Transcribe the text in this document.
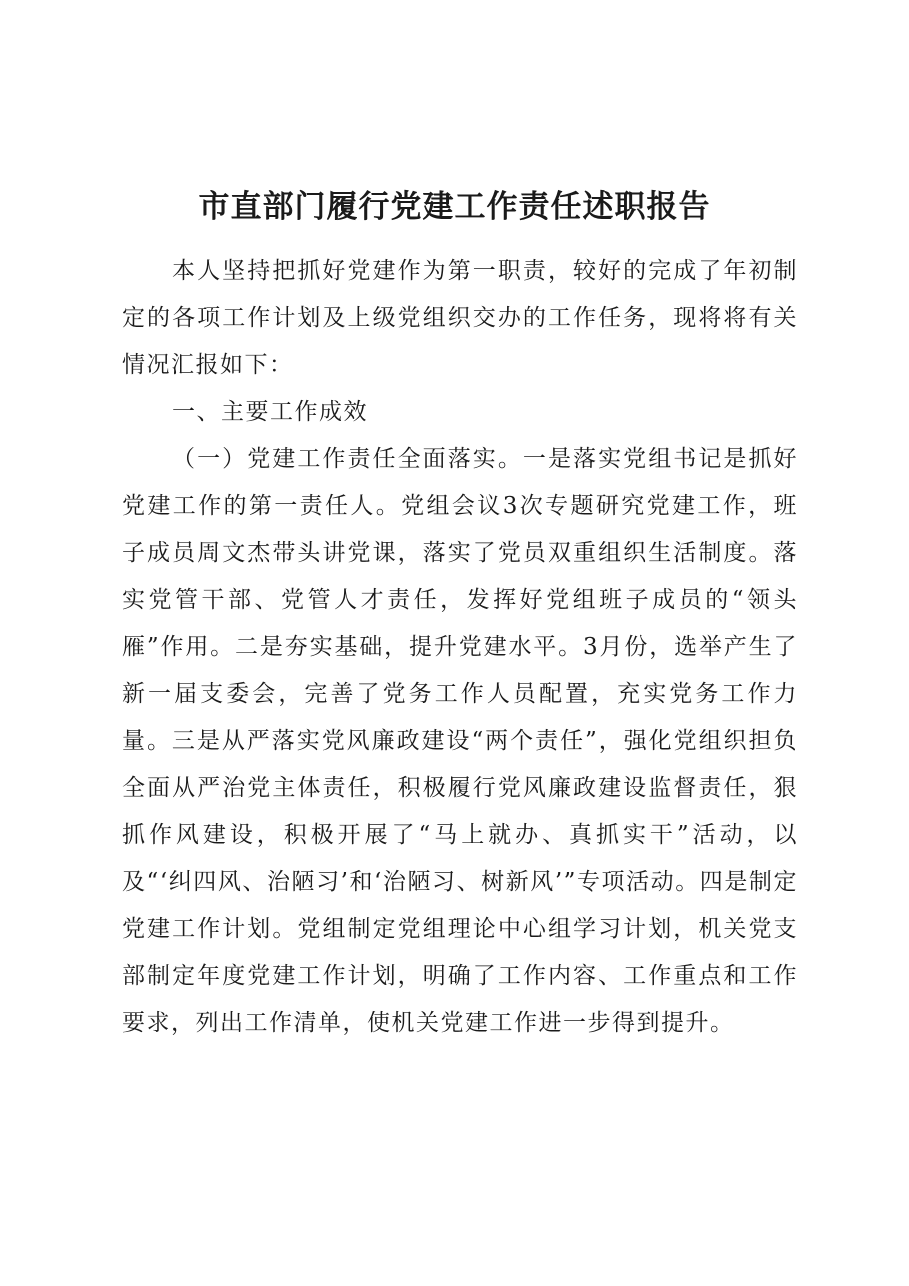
市直部门履行党建工作责任述职报告

本人坚持把抓好党建作为第一职责，较好的完成了年初制定的各项工作计划及上级党组织交办的工作任务，现将将有关情况汇报如下：

一、主要工作成效

（一）党建工作责任全面落实。一是落实党组书记是抓好党建工作的第一责任人。党组会议3次专题研究党建工作，班子成员周文杰带头讲党课，落实了党员双重组织生活制度。落实党管干部、党管人才责任，发挥好党组班子成员的“领头雁”作用。二是夯实基础，提升党建水平。3月份，选举产生了新一届支委会，完善了党务工作人员配置，充实党务工作力量。三是从严落实党风廉政建设“两个责任”，强化党组织担负全面从严治党主体责任，积极履行党风廉政建设监督责任，狠抓作风建设，积极开展了“马上就办、真抓实干”活动，以及“‘纠四风、治陋习’和‘治陋习、树新风’”专项活动。四是制定党建工作计划。党组制定党组理论中心组学习计划，机关党支部制定年度党建工作计划，明确了工作内容、工作重点和工作要求，列出工作清单，使机关党建工作进一步得到提升。
